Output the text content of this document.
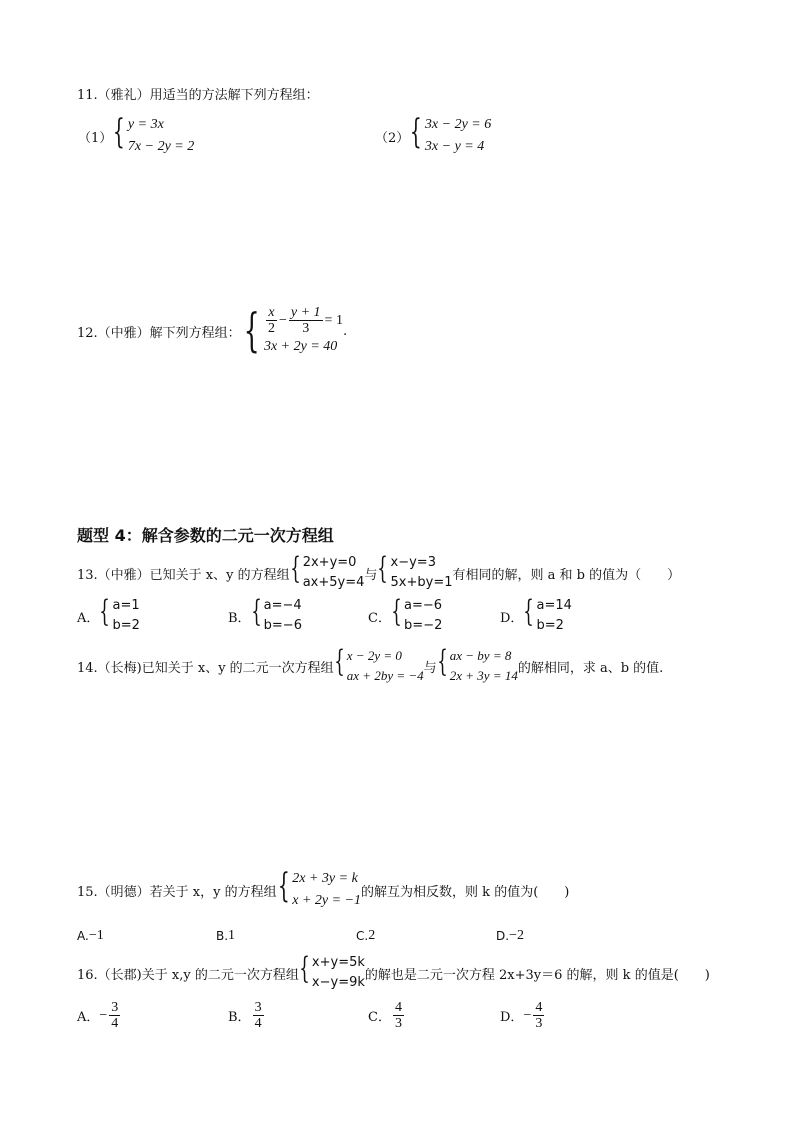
11.（雅礼）用适当的方法解下列方程组：
（1） { y = 3x
7x − 2y = 2
（2） { 3x − 2y = 6
3x − y = 4
12.（中雅）解下列方程组： { $\frac{x}{2} - \frac{y + 1}{3} = 1$
3x + 2y = 40
.
题型 4：解含参数的二元一次方程组
13.（中雅）已知关于 x、y 的方程组 { 2x+y=0
ax+5y=4 与 { x−y=3
5x+by=1 有相同的解，则 a 和 b 的值为（　　）
A． { a=1
b=2	B． { a=−4
b=−6	C． { a=−6
b=−2	D． { a=14
b=2
14.（长梅)已知关于 x、y 的二元一次方程组 { x − 2y = 0
ax + 2by = −4 与 { ax − by = 8
2x + 3y = 14 的解相同，求 a、b 的值.
15.（明德）若关于 x，y 的方程组 { 2x + 3y = k
x + 2y = −1
的解互为相反数，则 k 的值为(　　)
A. −1	B. 1	C. 2	D. −2
16.（长郡)关于 x,y 的二元一次方程组 { x+y=5k
x−y=9k 的解也是二元一次方程 2x+3y＝6 的解，则 k 的值是(　　)
A． − $\frac{3}{4}$	B． $\frac{3}{4}$	C． $\frac{4}{3}$	D． − $\frac{4}{3}$
